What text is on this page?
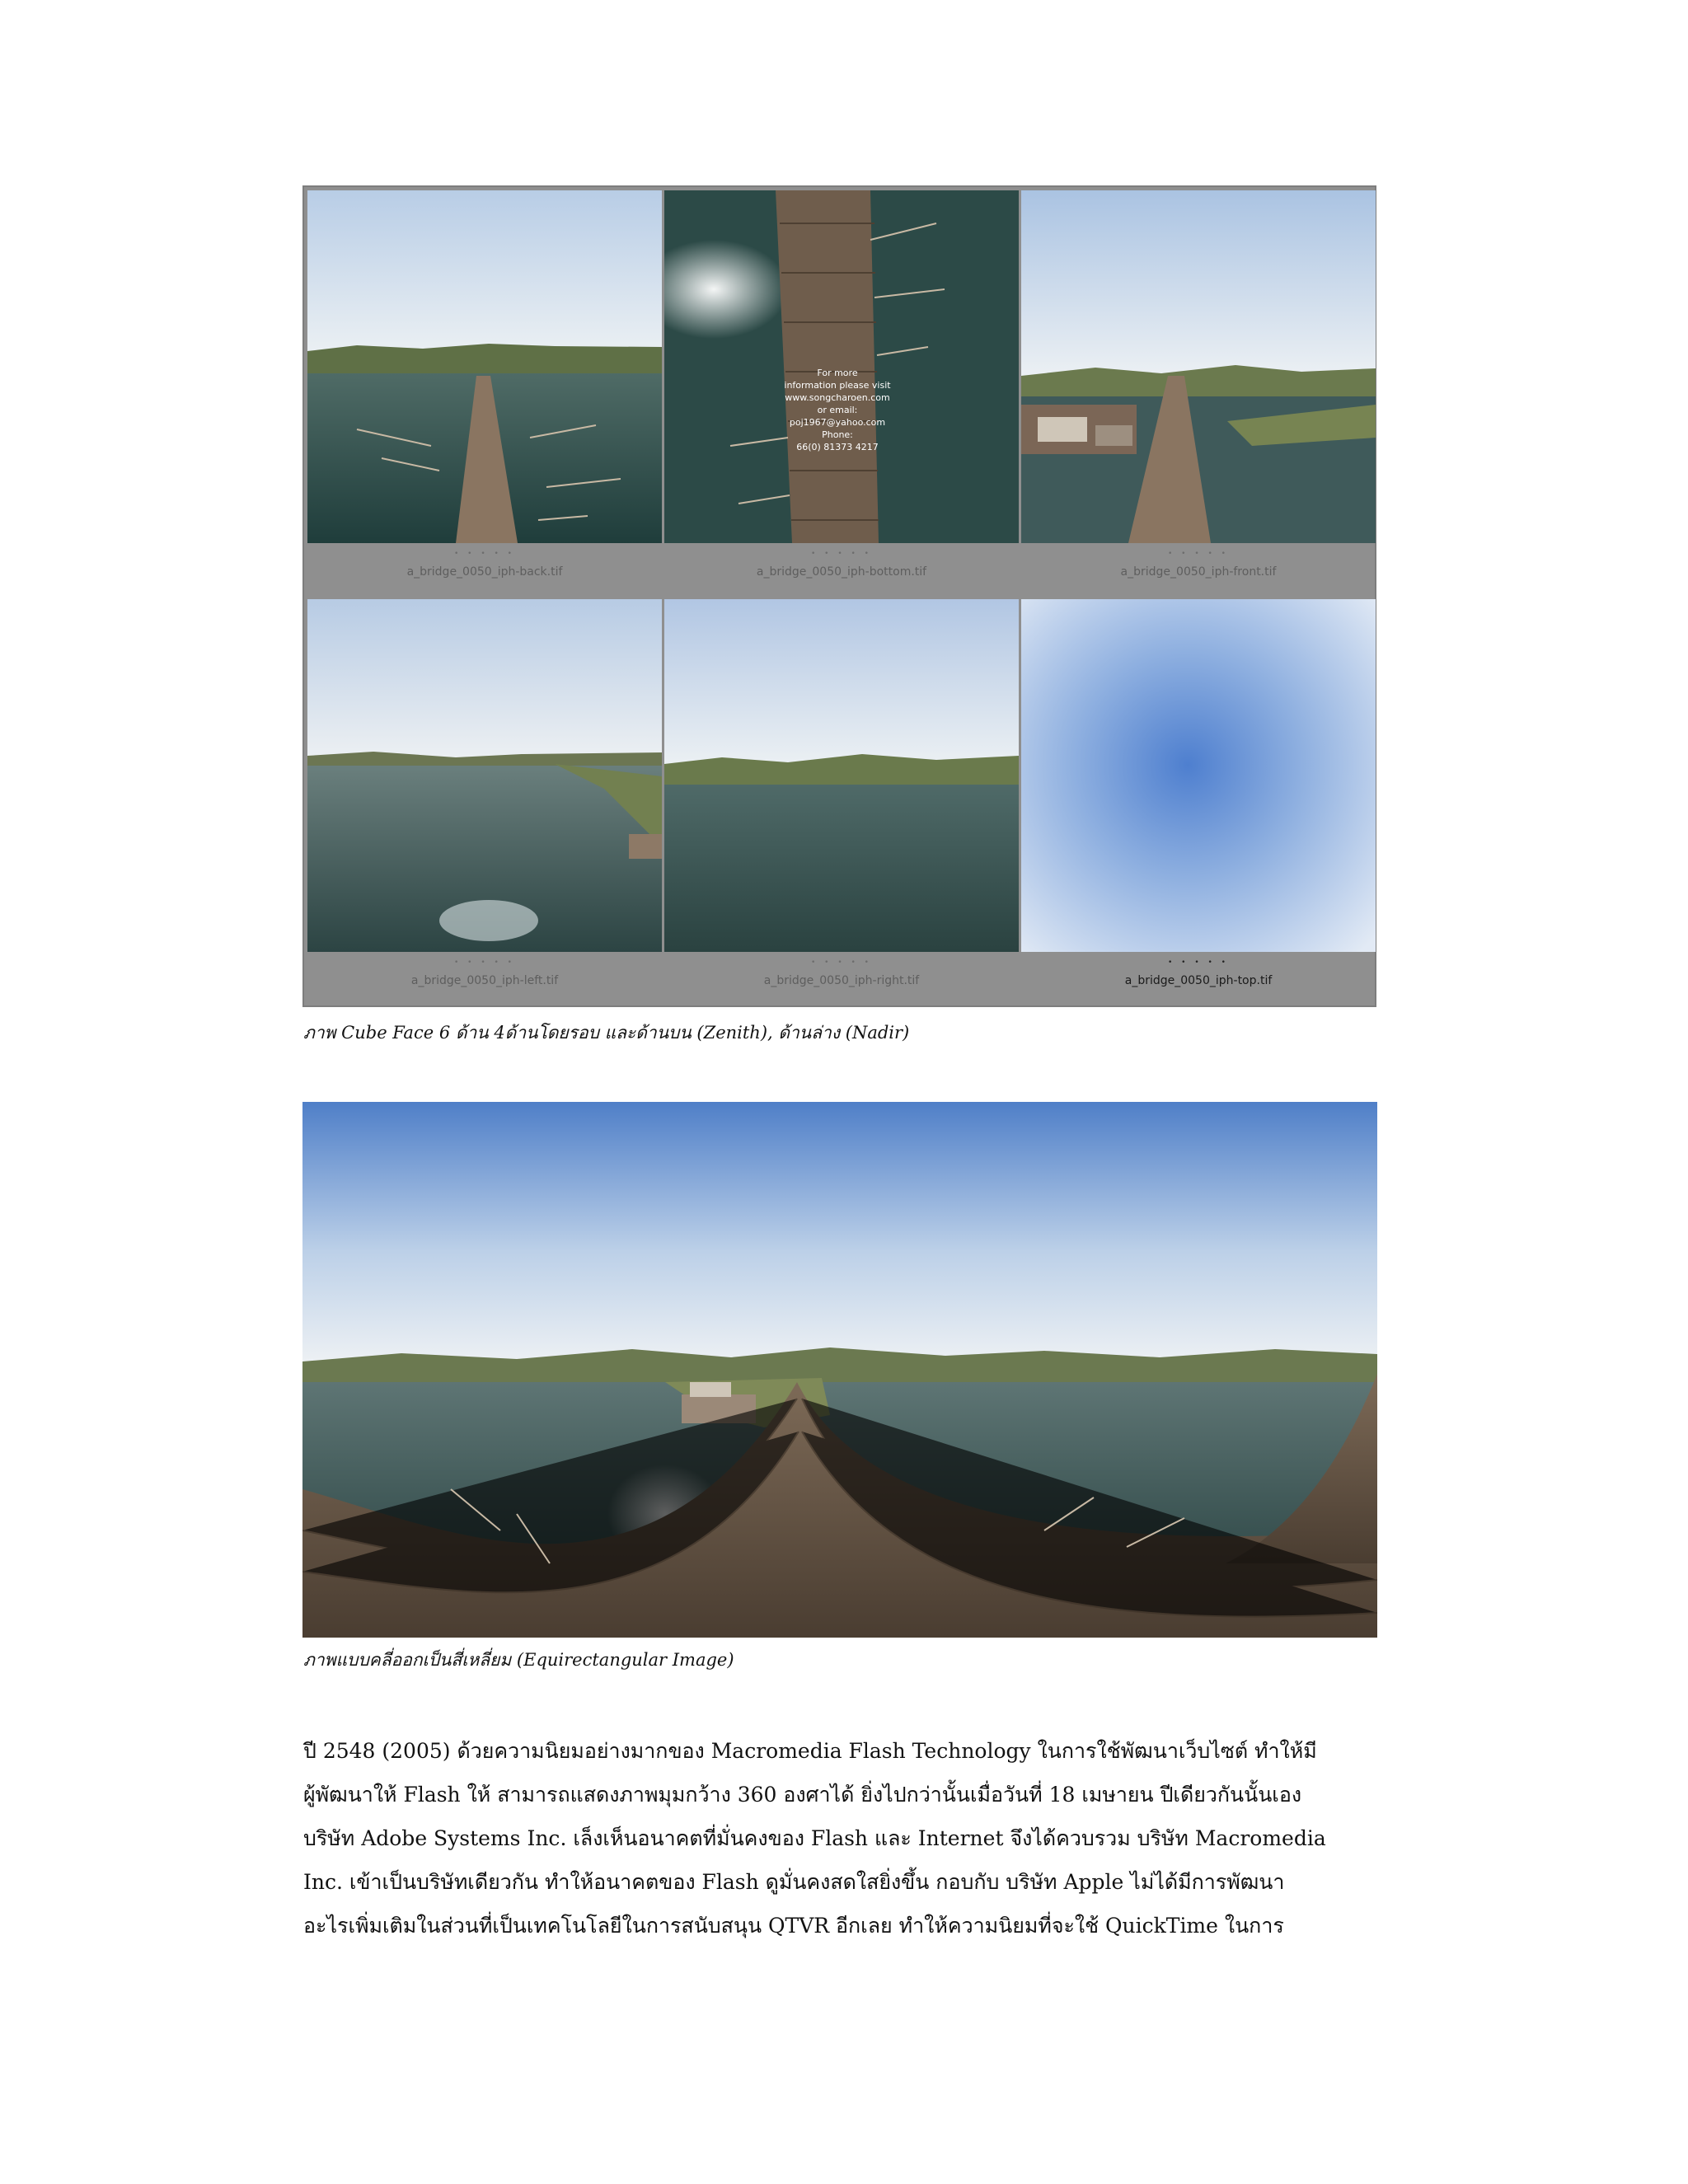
• • • • •
a_bridge_0050_iph-back.tif
For more
information please visit
www.songcharoen.com
or email:
poj1967@yahoo.com
Phone:
66(0) 81373 4217
• • • • •
a_bridge_0050_iph-bottom.tif
• • • • •
a_bridge_0050_iph-front.tif
• • • • •
a_bridge_0050_iph-left.tif
• • • • •
a_bridge_0050_iph-right.tif
• • • • •
a_bridge_0050_iph-top.tif
ภาพ Cube Face 6 ด้าน 4ด้านโดยรอบ และด้านบน (Zenith), ด้านล่าง (Nadir)
ภาพแบบคลี่ออกเป็นสี่เหลี่ยม (Equirectangular Image)
ปี 2548 (2005) ด้วยความนิยมอย่างมากของ Macromedia Flash Technology ในการใช้พัฒนาเว็บไซต์ ทำให้มี
ผู้พัฒนาให้ Flash ให้ สามารถแสดงภาพมุมกว้าง 360 องศาได้ ยิ่งไปกว่านั้นเมื่อวันที่ 18 เมษายน ปีเดียวกันนั้นเอง
บริษัท Adobe Systems Inc. เล็งเห็นอนาคตที่มั่นคงของ Flash และ Internet จึงได้ควบรวม บริษัท Macromedia
Inc. เข้าเป็นบริษัทเดียวกัน ทำให้อนาคตของ Flash ดูมั่นคงสดใสยิ่งขึ้น กอบกับ บริษัท Apple ไม่ได้มีการพัฒนา
อะไรเพิ่มเติมในส่วนที่เป็นเทคโนโลยีในการสนับสนุน QTVR อีกเลย ทำให้ความนิยมที่จะใช้ QuickTime ในการ
